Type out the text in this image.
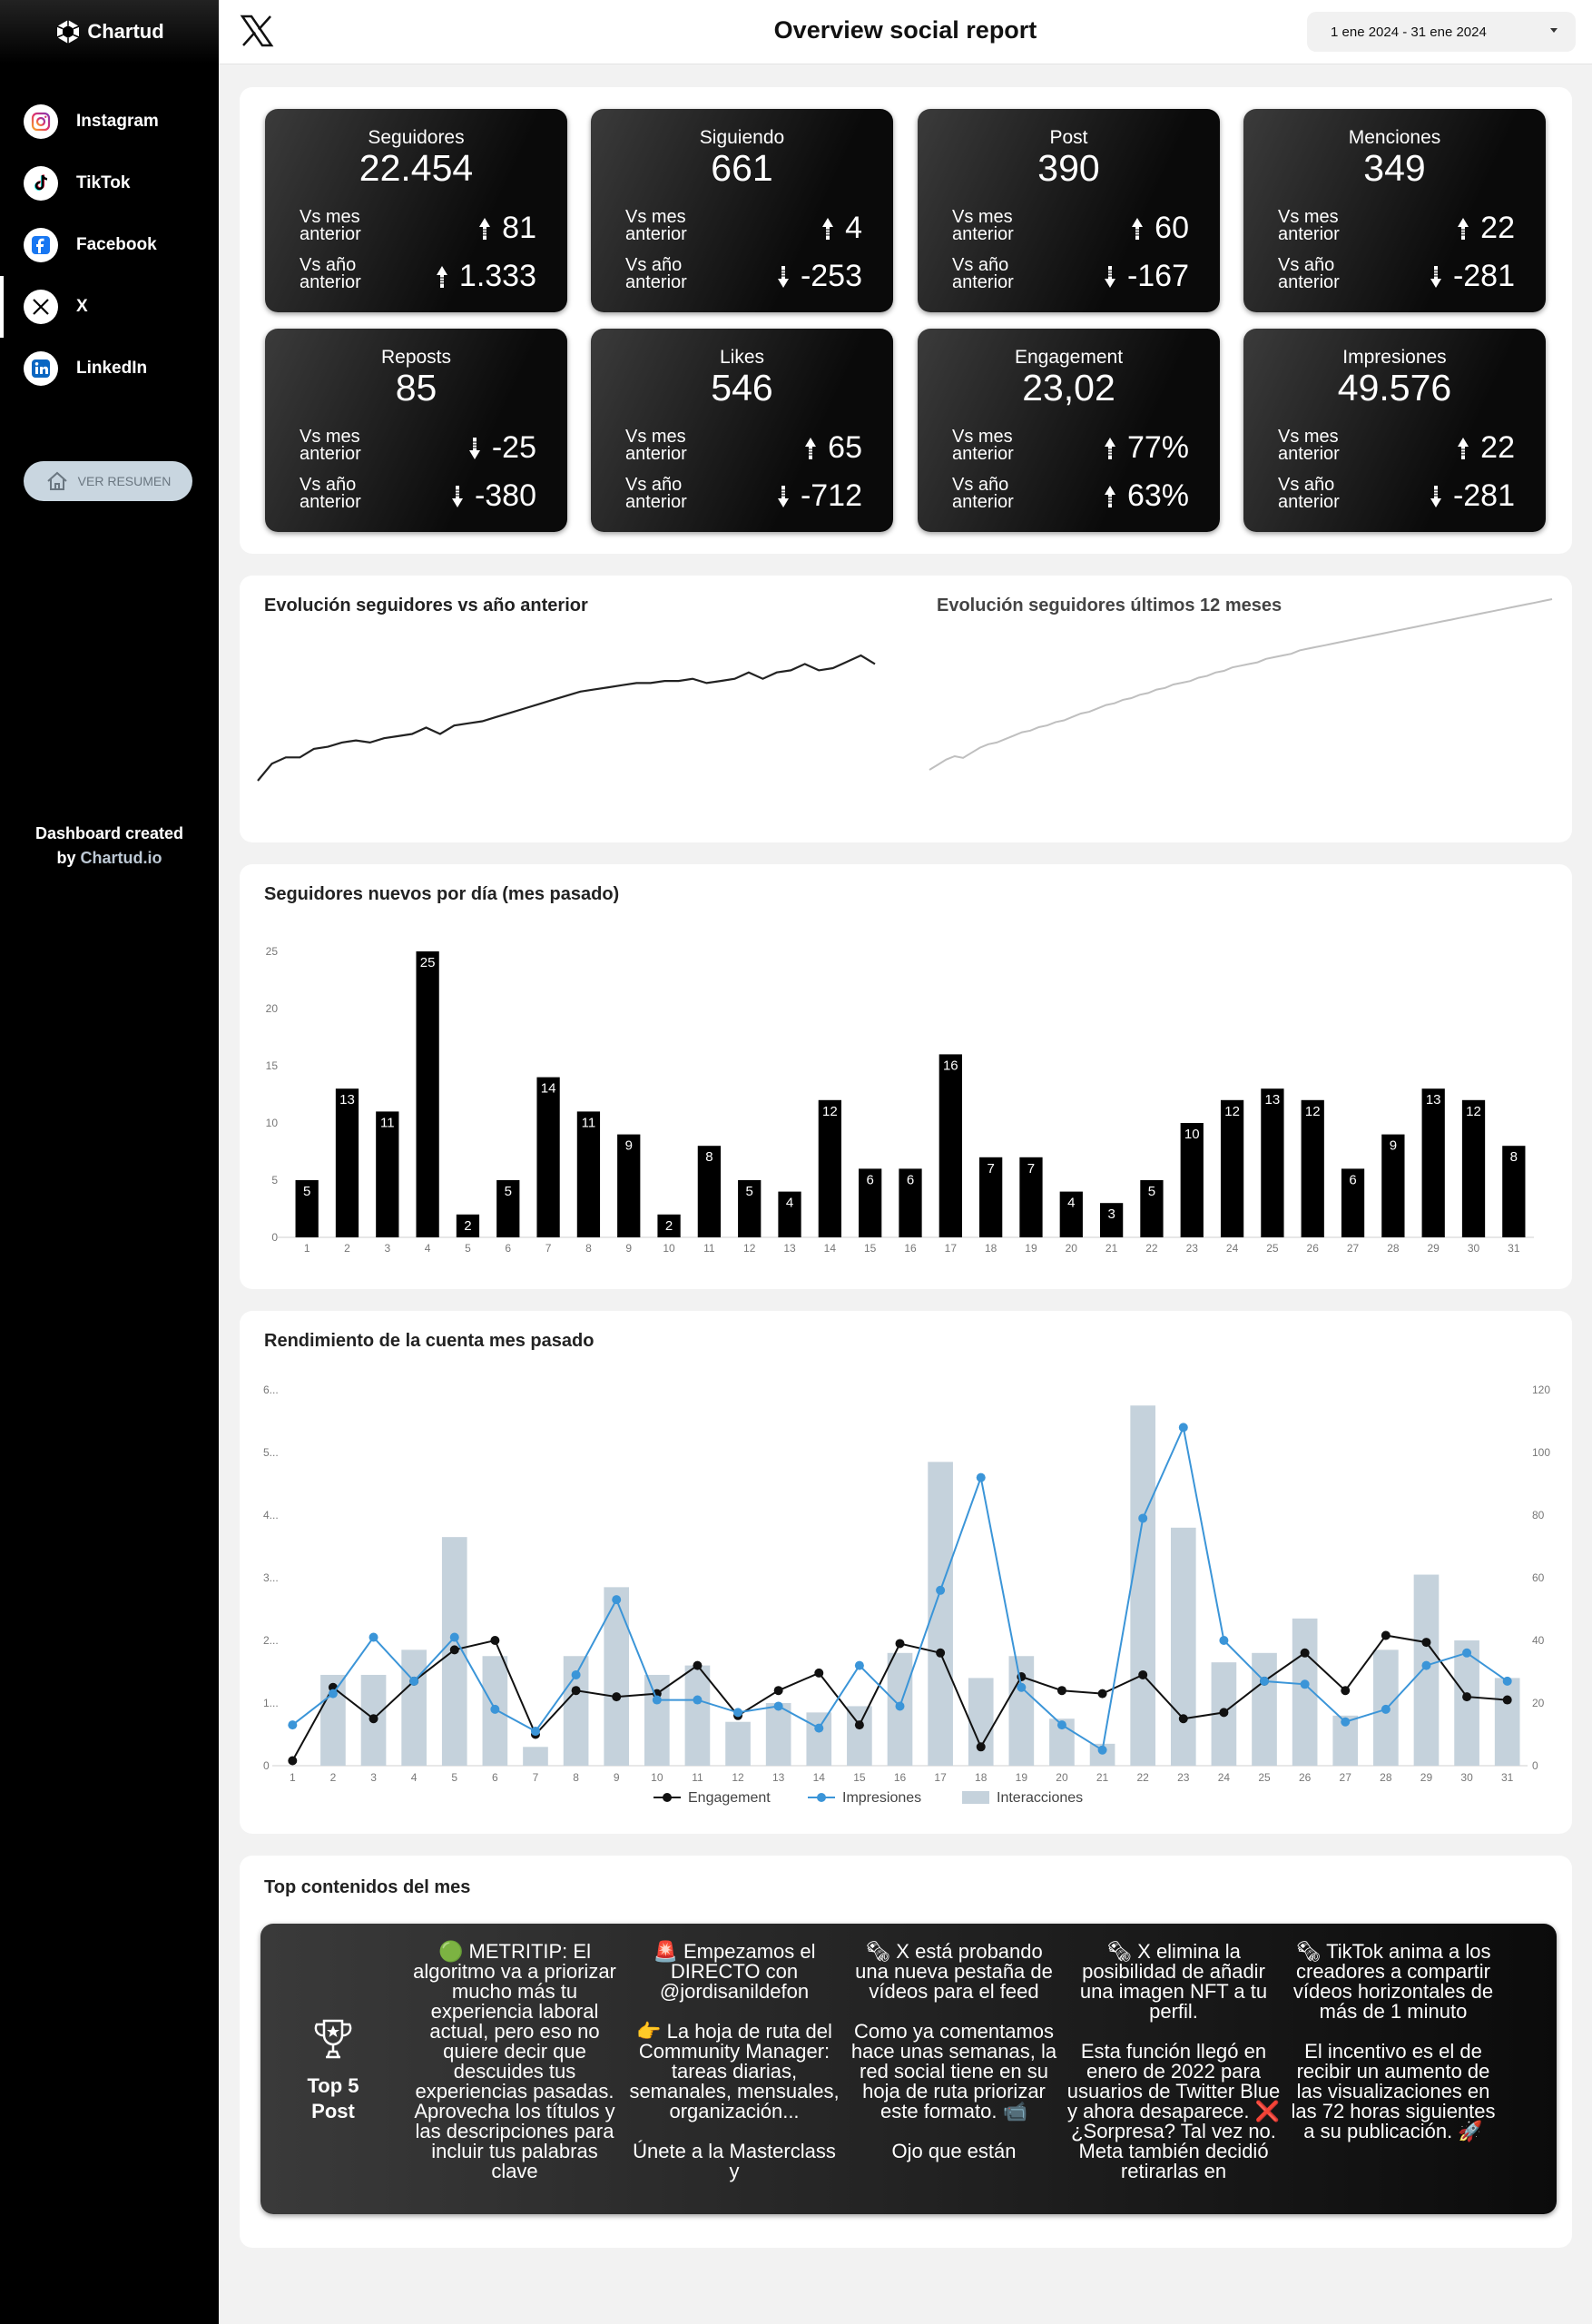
Chartud
Instagram
TikTok
Facebook
X
LinkedIn
VER RESUMEN
Dashboard created
by Chartud.io
Overview social report	1 ene 2024 - 31 ene 2024
Seguidores
22.454
Vs mes anterior	81
Vs año anterior	1.333
Siguiendo
661
Vs mes anterior	4
Vs año anterior	-253
Post
390
Vs mes anterior	60
Vs año anterior	-167
Menciones
349
Vs mes anterior	22
Vs año anterior	-281
Reposts
85
Vs mes anterior	-25
Vs año anterior	-380
Likes
546
Vs mes anterior	65
Vs año anterior	-712
Engagement
23,02
Vs mes anterior	77%
Vs año anterior	63%
Impresiones
49.576
Vs mes anterior	22
Vs año anterior	-281
Evolución seguidores vs año anterior	Evolución seguidores últimos 12 meses
Seguidores nuevos por día (mes pasado)
0
5
10
15
20
25
5
1
13
2
11
3
25
4
2
5
5
6
14
7
11
8
9
9
2
10
8
11
5
12
4
13
12
14
6
15
6
16
16
17
7
18
7
19
4
20
3
21
5
22
10
23
12
24
13
25
12
26
6
27
9
28
13
29
12
30
8
31
Rendimiento de la cuenta mes pasado
0
1...
2...
3...
4...
5...
6...
0
20
40
60
80
100
120
1	2	3	4	5	6	7	8	9	10	11	12	13	14	15	16	17	18	19	20	21	22	23	24	25	26	27	28	29	30	31
Engagement	Impresiones	Interacciones
Top contenidos del mes
Top 5
Post
🟢 METRITIP: El algoritmo va a priorizar mucho más tu experiencia laboral actual, pero eso no quiere decir que descuides tus experiencias pasadas. Aprovecha los títulos y las descripciones para incluir tus palabras clave
🚨 Empezamos el DIRECTO con @jordisanildefon

👉 La hoja de ruta del Community Manager: tareas diarias, semanales, mensuales, organización...

Únete a la Masterclass y
🗞 X está probando una nueva pestaña de vídeos para el feed

Como ya comentamos hace unas semanas, la red social tiene en su hoja de ruta priorizar este formato. 📹

Ojo que están
🗞 X elimina la posibilidad de añadir una imagen NFT a tu perfil.

Esta función llegó en enero de 2022 para usuarios de Twitter Blue y ahora desaparece. ❌ ¿Sorpresa? Tal vez no. Meta también decidió retirarlas en
🗞 TikTok anima a los creadores a compartir vídeos horizontales de más de 1 minuto

El incentivo es el de recibir un aumento de las visualizaciones en las 72 horas siguientes a su publicación. 🚀
